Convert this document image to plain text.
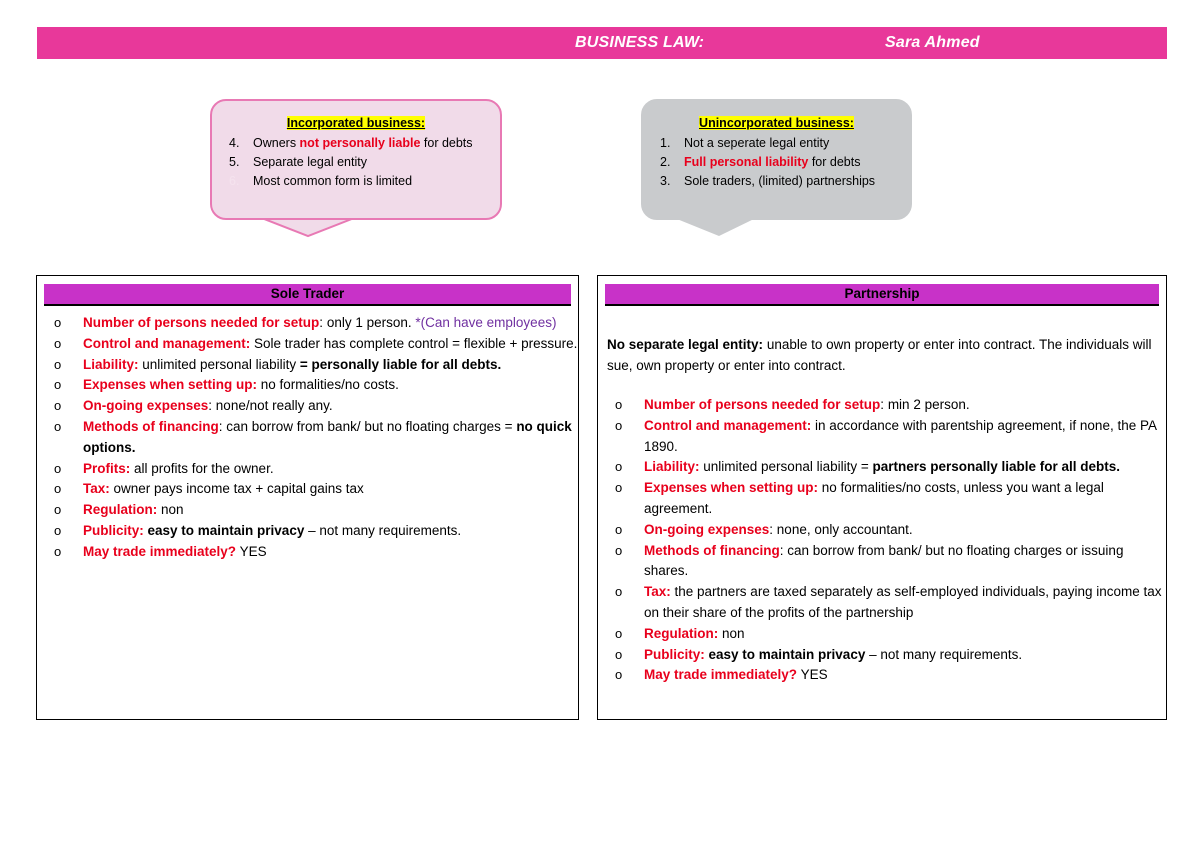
BUSINESS LAW:	Sara Ahmed
Incorporated business:
4. Owners not personally liable for debts
5. Separate legal entity
6. Most common form is limited
Unincorporated business:
1. Not a seperate legal entity
2. Full personal liability for debts
3. Sole traders, (limited) partnerships
Sole Trader
o Number of persons needed for setup: only 1 person. *(Can have employees)
o Control and management: Sole trader has complete control = flexible + pressure.
o Liability: unlimited personal liability = personally liable for all debts.
o Expenses when setting up: no formalities/no costs.
o On-going expenses: none/not really any.
o Methods of financing: can borrow from bank/ but no floating charges = no quick options.
o Profits: all profits for the owner.
o Tax: owner pays income tax + capital gains tax
o Regulation: non
o Publicity: easy to maintain privacy – not many requirements.
o May trade immediately? YES
Partnership
No separate legal entity: unable to own property or enter into contract. The individuals will sue, own property or enter into contract.
o Number of persons needed for setup: min 2 person.
o Control and management: in accordance with parentship agreement, if none, the PA 1890.
o Liability: unlimited personal liability = partners personally liable for all debts.
o Expenses when setting up: no formalities/no costs, unless you want a legal agreement.
o On-going expenses: none, only accountant.
o Methods of financing: can borrow from bank/ but no floating charges or issuing shares.
o Tax: the partners are taxed separately as self-employed individuals, paying income tax on their share of the profits of the partnership
o Regulation: non
o Publicity: easy to maintain privacy – not many requirements.
o May trade immediately? YES
